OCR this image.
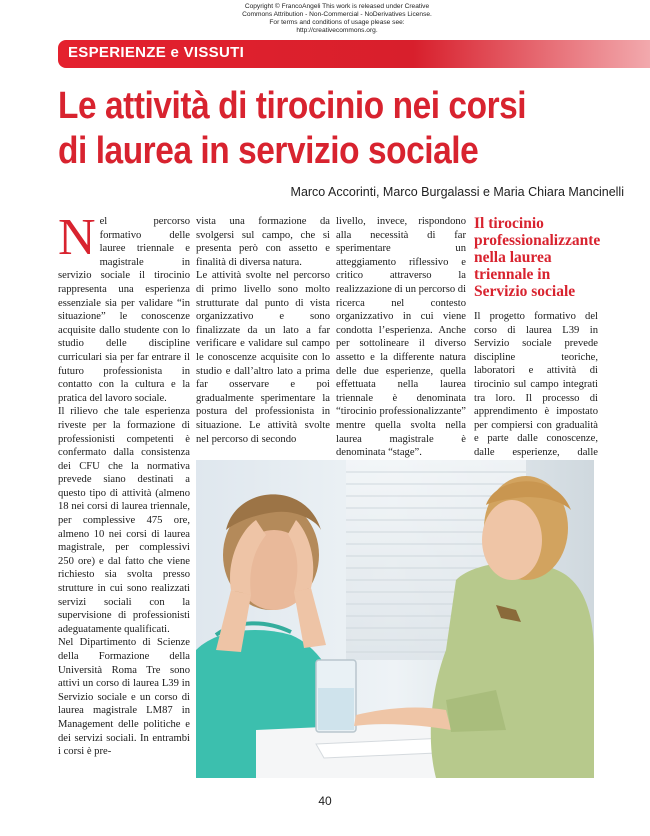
Copyright © FrancoAngeli This work is released under Creative
Commons Attribution - Non-Commercial - NoDerivatives License.
For terms and conditions of usage please see:
http://creativecommons.org.
ESPERIENZE e VISSUTI
Le attività di tirocinio nei corsi
di laurea in servizio sociale
Marco Accorinti, Marco Burgalassi e Maria Chiara Mancinelli

Nel percorso formativo delle lauree triennale e magistrale in servizio sociale il tirocinio rappresenta una esperienza essenziale sia per validare “in situazione” le conoscenze acquisite dallo studente con lo studio delle discipline curriculari sia per far entrare il futuro professionista in contatto con la cultura e la pratica del lavoro sociale.

Il rilievo che tale esperienza riveste per la formazione di professionisti competenti è confermato dalla consistenza dei CFU che la normativa prevede siano destinati a questo tipo di attività (almeno 18 nei corsi di laurea triennale, per complessive 475 ore, almeno 10 nei corsi di laurea magistrale, per complessivi 250 ore) e dal fatto che viene richiesto sia svolta presso strutture in cui sono realizzati servizi sociali con la supervisione di professionisti adeguatamente qualificati.

Nel Dipartimento di Scienze della Formazione della Università Roma Tre sono attivi un corso di laurea L39 in Servizio sociale e un corso di laurea magistrale LM87 in Management delle politiche e dei servizi sociali. In entrambi i corsi è pre-

vista una formazione da svolgersi sul campo, che si presenta però con assetto e finalità di diversa natura.

Le attività svolte nel percorso di primo livello sono molto strutturate dal punto di vista organizzativo e sono finalizzate da un lato a far verificare e validare sul campo le conoscenze acquisite con lo studio e dall’altro lato a prima far osservare e poi gradualmente sperimentare la postura del professionista in situazione. Le attività svolte nel percorso di secondo

livello, invece, rispondono alla necessità di far sperimentare un atteggiamento riflessivo e critico attraverso la realizzazione di un percorso di ricerca nel contesto organizzativo in cui viene condotta l’esperienza. Anche per sottolineare il diverso assetto e la differente natura delle due esperienze, quella effettuata nella laurea triennale è denominata “tirocinio professionalizzante” mentre quella svolta nella laurea magistrale è denominata “stage”.

Il tirocinio professionalizzante nella laurea triennale in Servizio sociale

Il progetto formativo del corso di laurea L39 in Servizio sociale prevede discipline teoriche, laboratori e attività di tirocinio sul campo integrati tra loro. Il processo di apprendimento è impostato per compiersi con gradualità e parte dalle conoscenze, dalle esperienze, dalle

40
